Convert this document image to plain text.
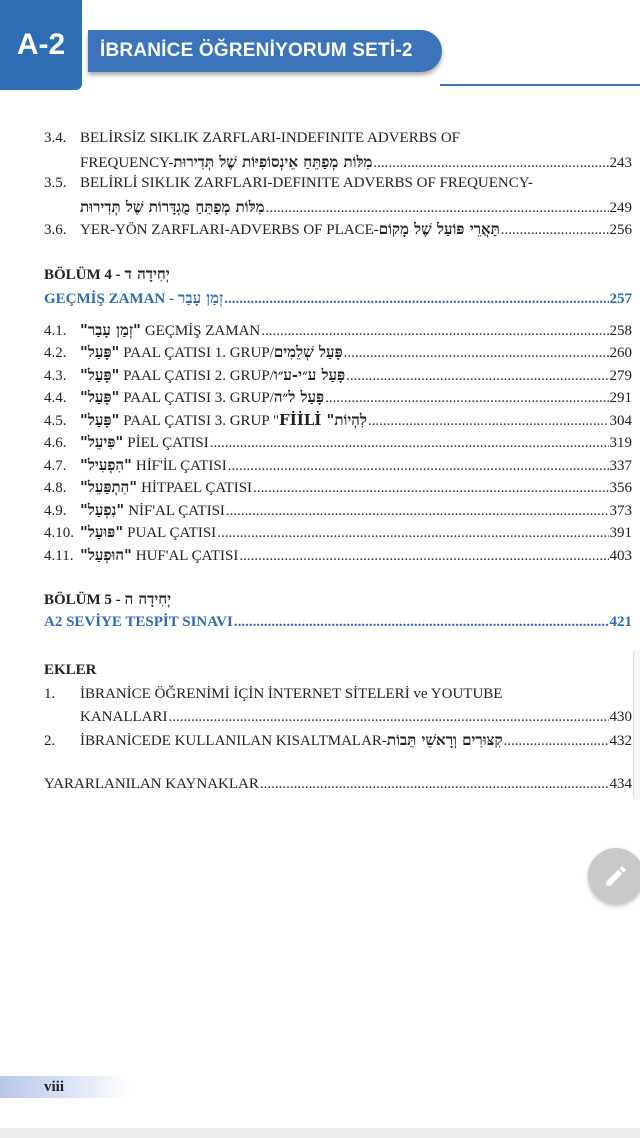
A-2	İBRANİCE ÖĞRENİYORUM SETİ-2
3.4. BELİRSİZ SIKLIK ZARFLARI-INDEFINITE ADVERBS OF
FREQUENCY- מִלּוֹת מְפַתֵּחַ אֵינְסוֹפִיּוֹת שֶׁל תְּדִירוּת .....	243
3.5. BELİRLİ SIKLIK ZARFLARI-DEFINITE ADVERBS OF FREQUENCY-
מִלּוֹת מְפַתֵּחַ מֻגְדָּרוֹת שֶׁל תְּדִירוּת .....	249
3.6. YER-YÖN ZARFLARI-ADVERBS OF PLACE- תַּאֲרֵי פּוֹעַל שֶׁל מָקוֹם .....	256
BÖLÜM 4 - יְחִידָה ד
GEÇMİŞ ZAMAN - זְמַן עָבַר .....	257
4.1. "זְמַן עָבַר" GEÇMİŞ ZAMAN .....	258
4.2. "פָּעַל" PAAL ÇATISI 1. GRUP/ פָּעַל שְׁלֵמִים .....	260
4.3. "פָּעַל" PAAL ÇATISI 2. GRUP/ פָּעַל ע״י-ע״ו .....	279
4.4. "פָּעַל" PAAL ÇATISI 3. GRUP/ פָּעַל ל״ה .....	291
4.5. "פָּעַל" PAAL ÇATISI 3. GRUP " לִהְיוֹת" FİİLİ .....	304
4.6. "פִּיעֵל" PİEL ÇATISI .....	319
4.7. "הִפְעִיל" HİF'İL ÇATISI .....	337
4.8. "הִתְפַּעֵל" HİTPAEL ÇATISI .....	356
4.9. "נִפְעַל" NİF'AL ÇATISI .....	373
4.10. "פּוּעַל" PUAL ÇATISI .....	391
4.11. "הוּפְעַל" HUF'AL ÇATISI .....	403
BÖLÜM 5 - יְחִידָה ה
A2 SEVİYE TESPİT SINAVI .....	421
EKLER
1.	İBRANİCE ÖĞRENİMİ İÇİN İNTERNET SİTELERİ ve YOUTUBE
KANALLARI .....	430
2.	İBRANİCEDE KULLANILAN KISALTMALAR- קִצּוּרִים וְרָאשֵׁי תֵּבוֹת .....	432
YARARLANILAN KAYNAKLAR .....	434
viii
